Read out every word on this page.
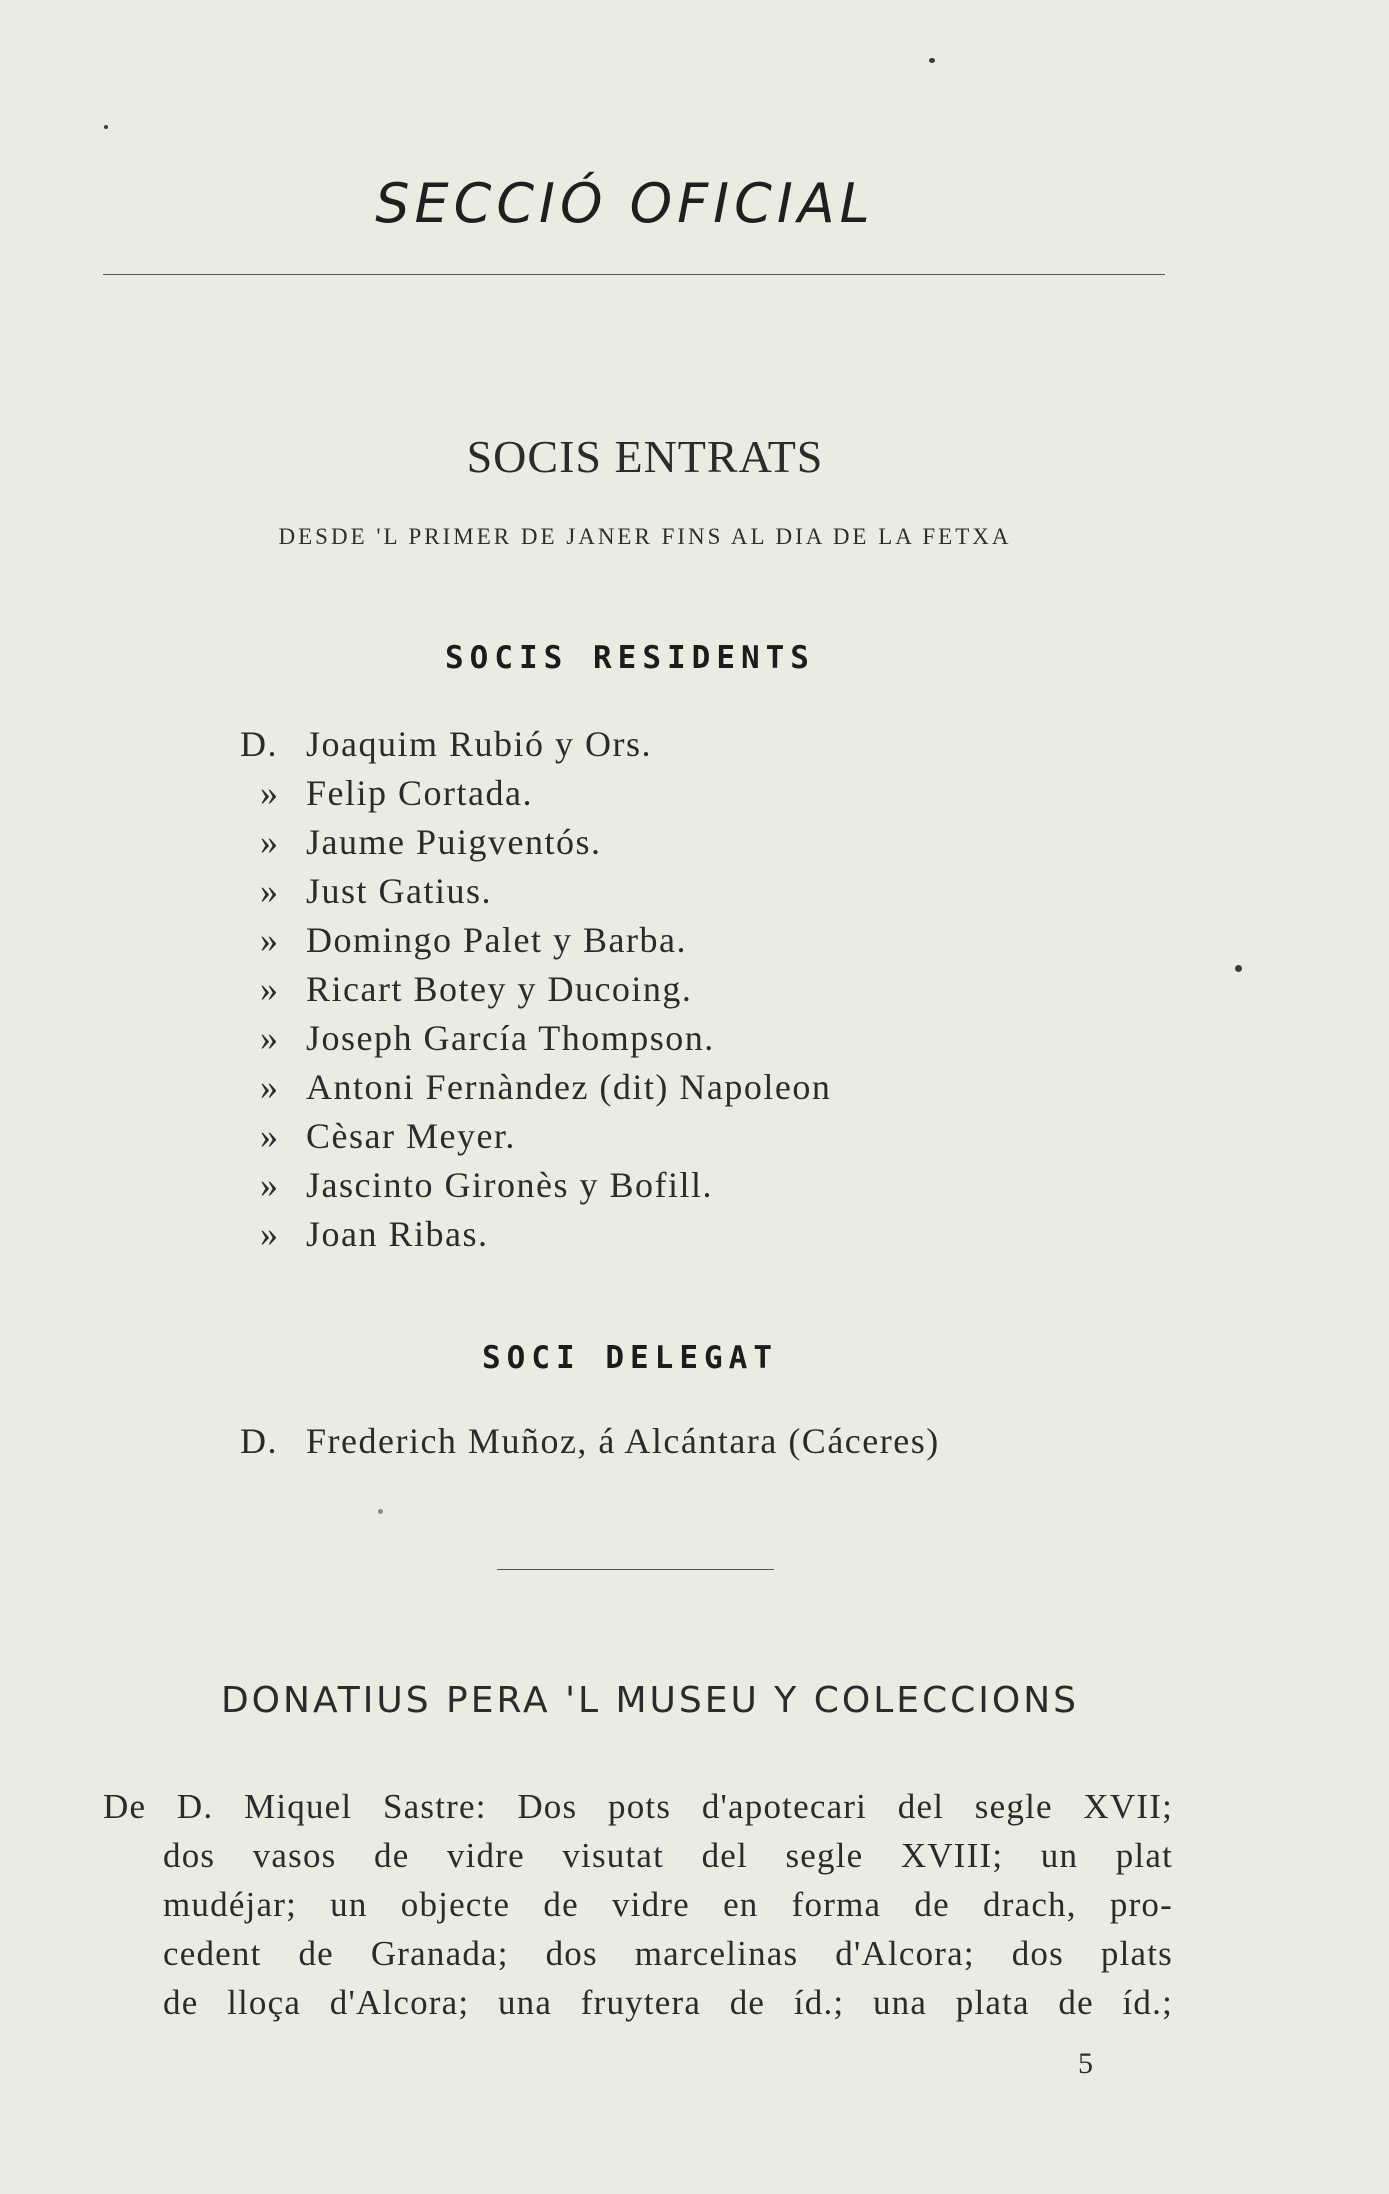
SECCIÓ OFICIAL
SOCIS ENTRATS
DESDE 'L PRIMER DE JANER FINS AL DIA DE LA FETXA
SOCIS RESIDENTS
D. Joaquim Rubió y Ors.
» Felip Cortada.
» Jaume Puigventós.
» Just Gatius.
» Domingo Palet y Barba.
» Ricart Botey y Ducoing.
» Joseph García Thompson.
» Antoni Fernàndez (dit) Napoleon
» Cèsar Meyer.
» Jascinto Gironès y Bofill.
» Joan Ribas.
SOCI DELEGAT
D. Frederich Muñoz, á Alcántara (Cáceres)
DONATIUS PERA 'L MUSEU Y COLECCIONS
De D. Miquel Sastre: Dos pots d'apotecari del segle XVII;
dos vasos de vidre visutat del segle XVIII; un plat
mudéjar; un objecte de vidre en forma de drach, pro-
cedent de Granada; dos marcelinas d'Alcora; dos plats
de lloça d'Alcora; una fruytera de íd.; una plata de íd.;
5
